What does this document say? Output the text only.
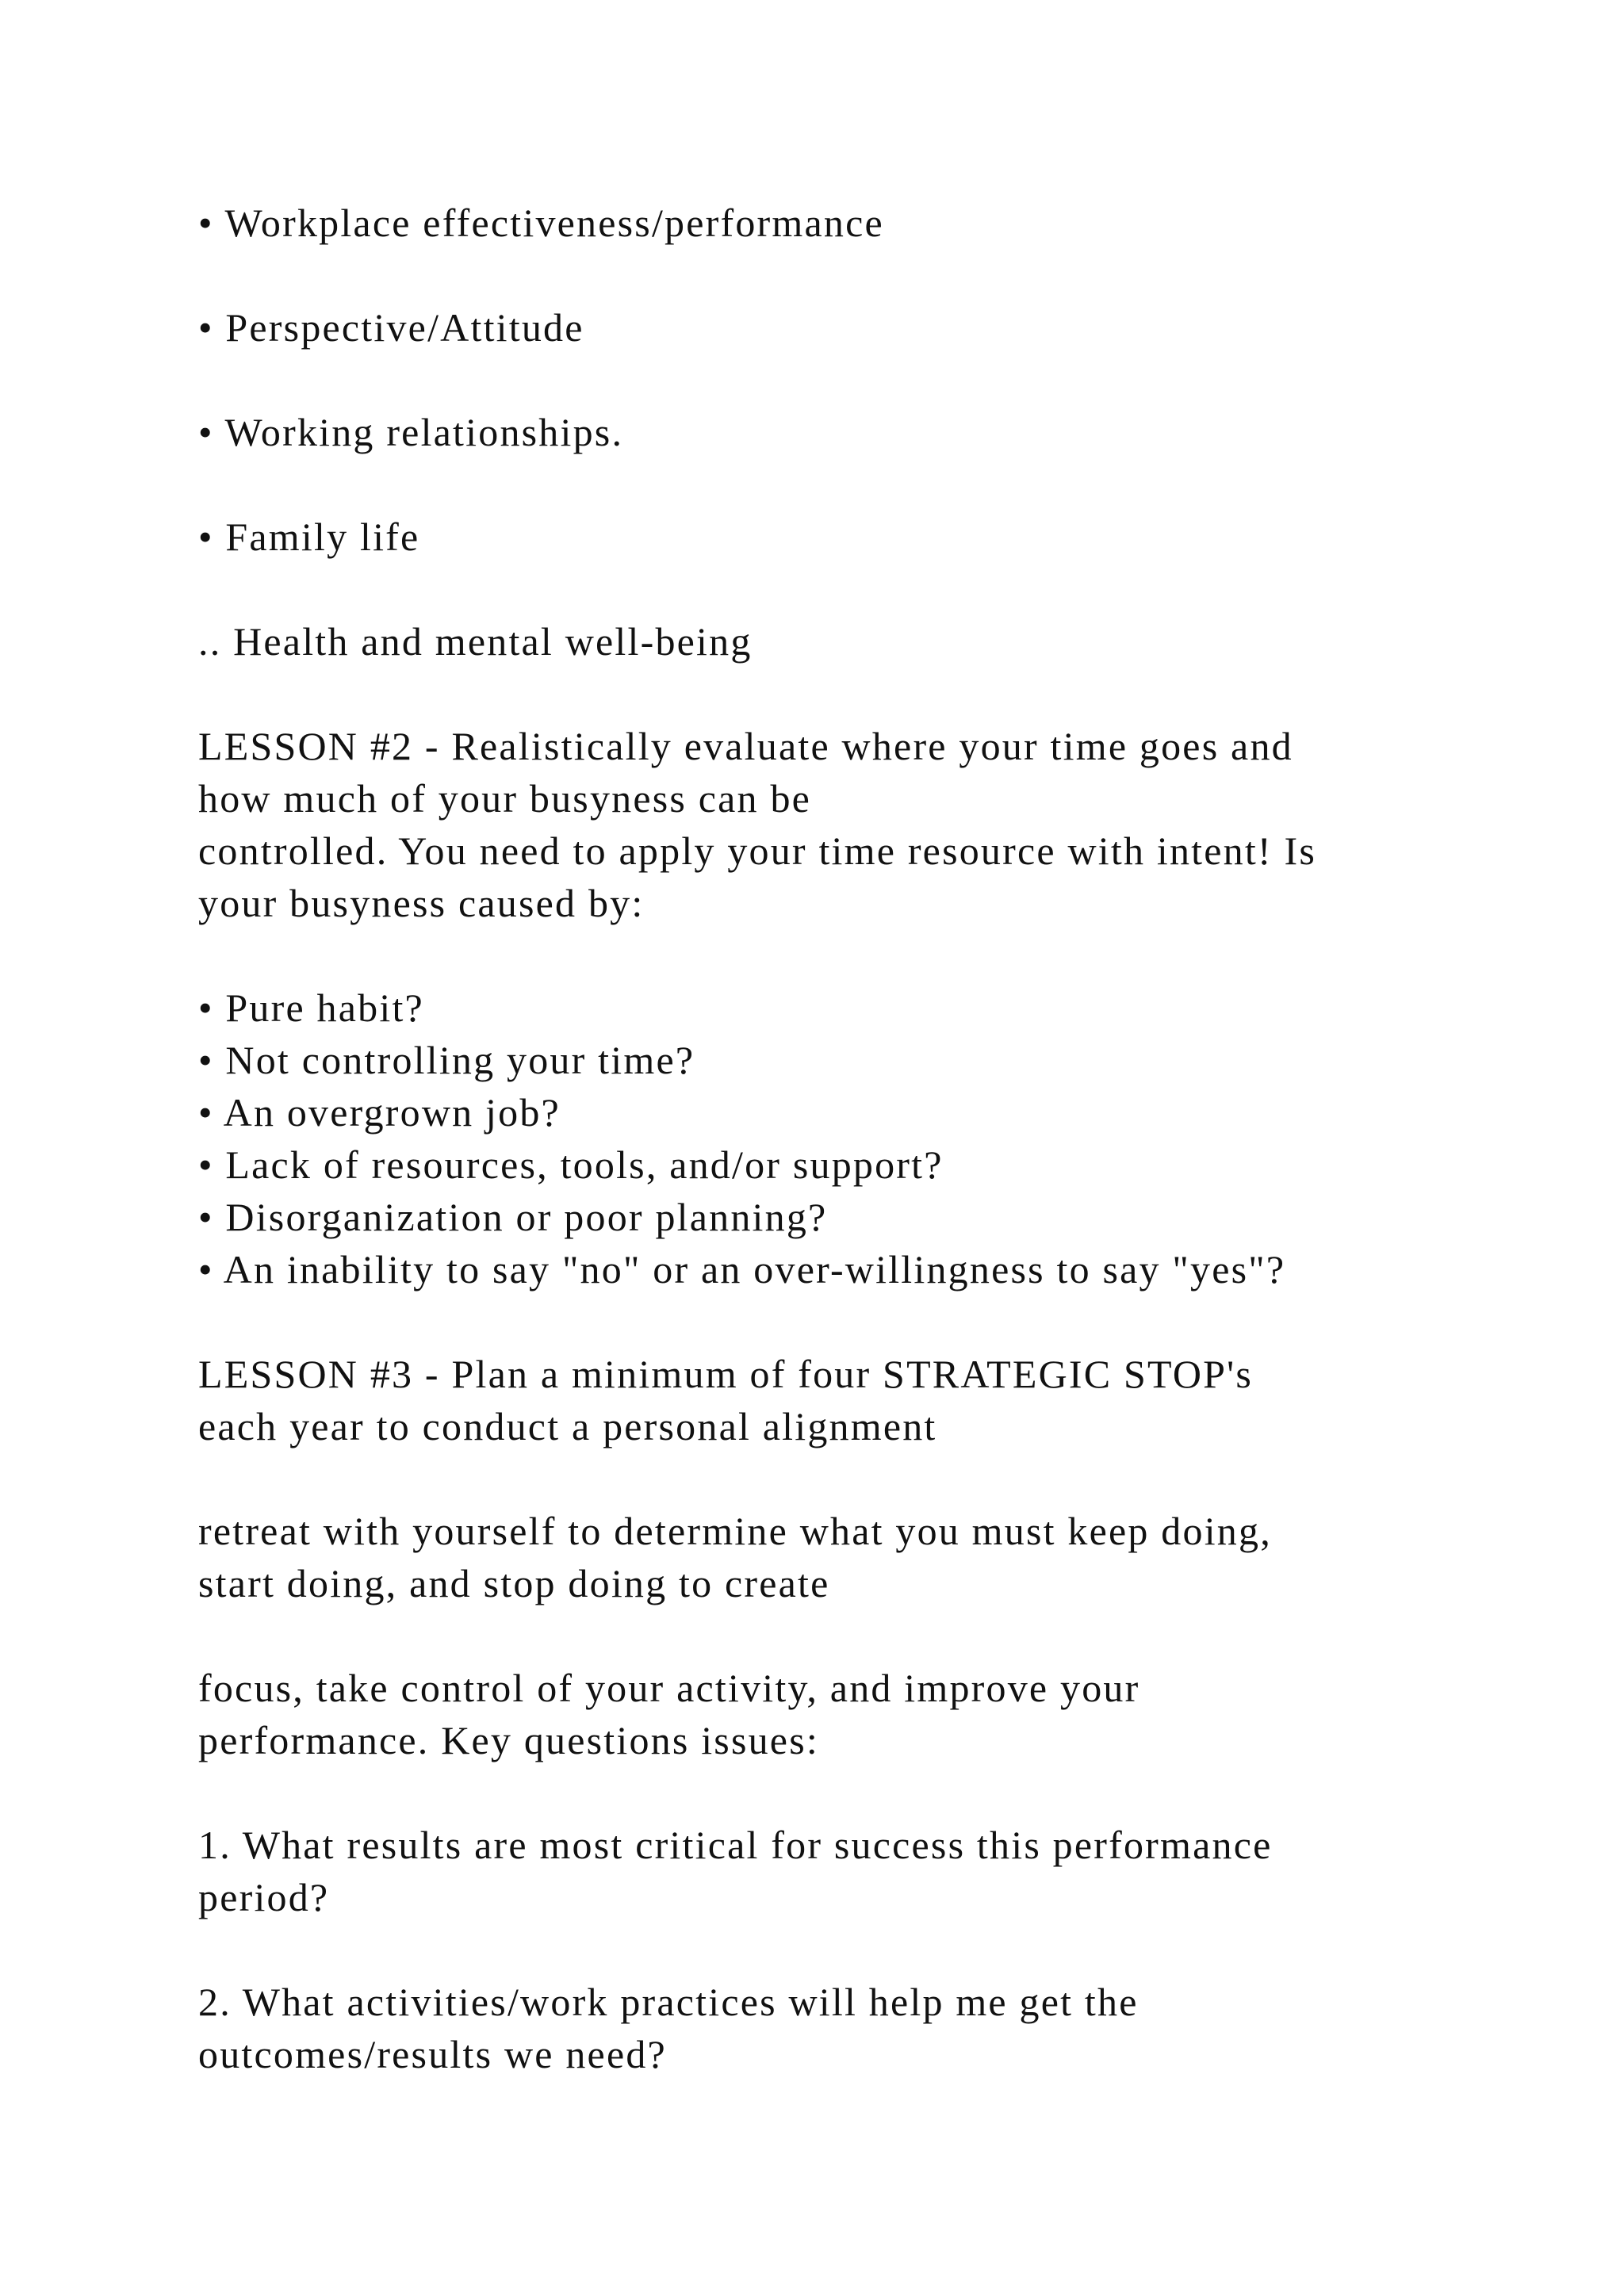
• Workplace effectiveness/performance
• Perspective/Attitude
• Working relationships.
• Family life
.. Health and mental well-being
LESSON #2 - Realistically evaluate where your time goes and
how much of your busyness can be
controlled. You need to apply your time resource with intent! Is
your busyness caused by:
• Pure habit?
• Not controlling your time?
• An overgrown job?
• Lack of resources, tools, and/or support?
• Disorganization or poor planning?
• An inability to say "no" or an over-willingness to say "yes"?
LESSON #3 - Plan a minimum of four STRATEGIC STOP's
each year to conduct a personal alignment
retreat with yourself to determine what you must keep doing,
start doing, and stop doing to create
focus, take control of your activity, and improve your
performance. Key questions issues:
1. What results are most critical for success this performance
period?
2. What activities/work practices will help me get the
outcomes/results we need?
